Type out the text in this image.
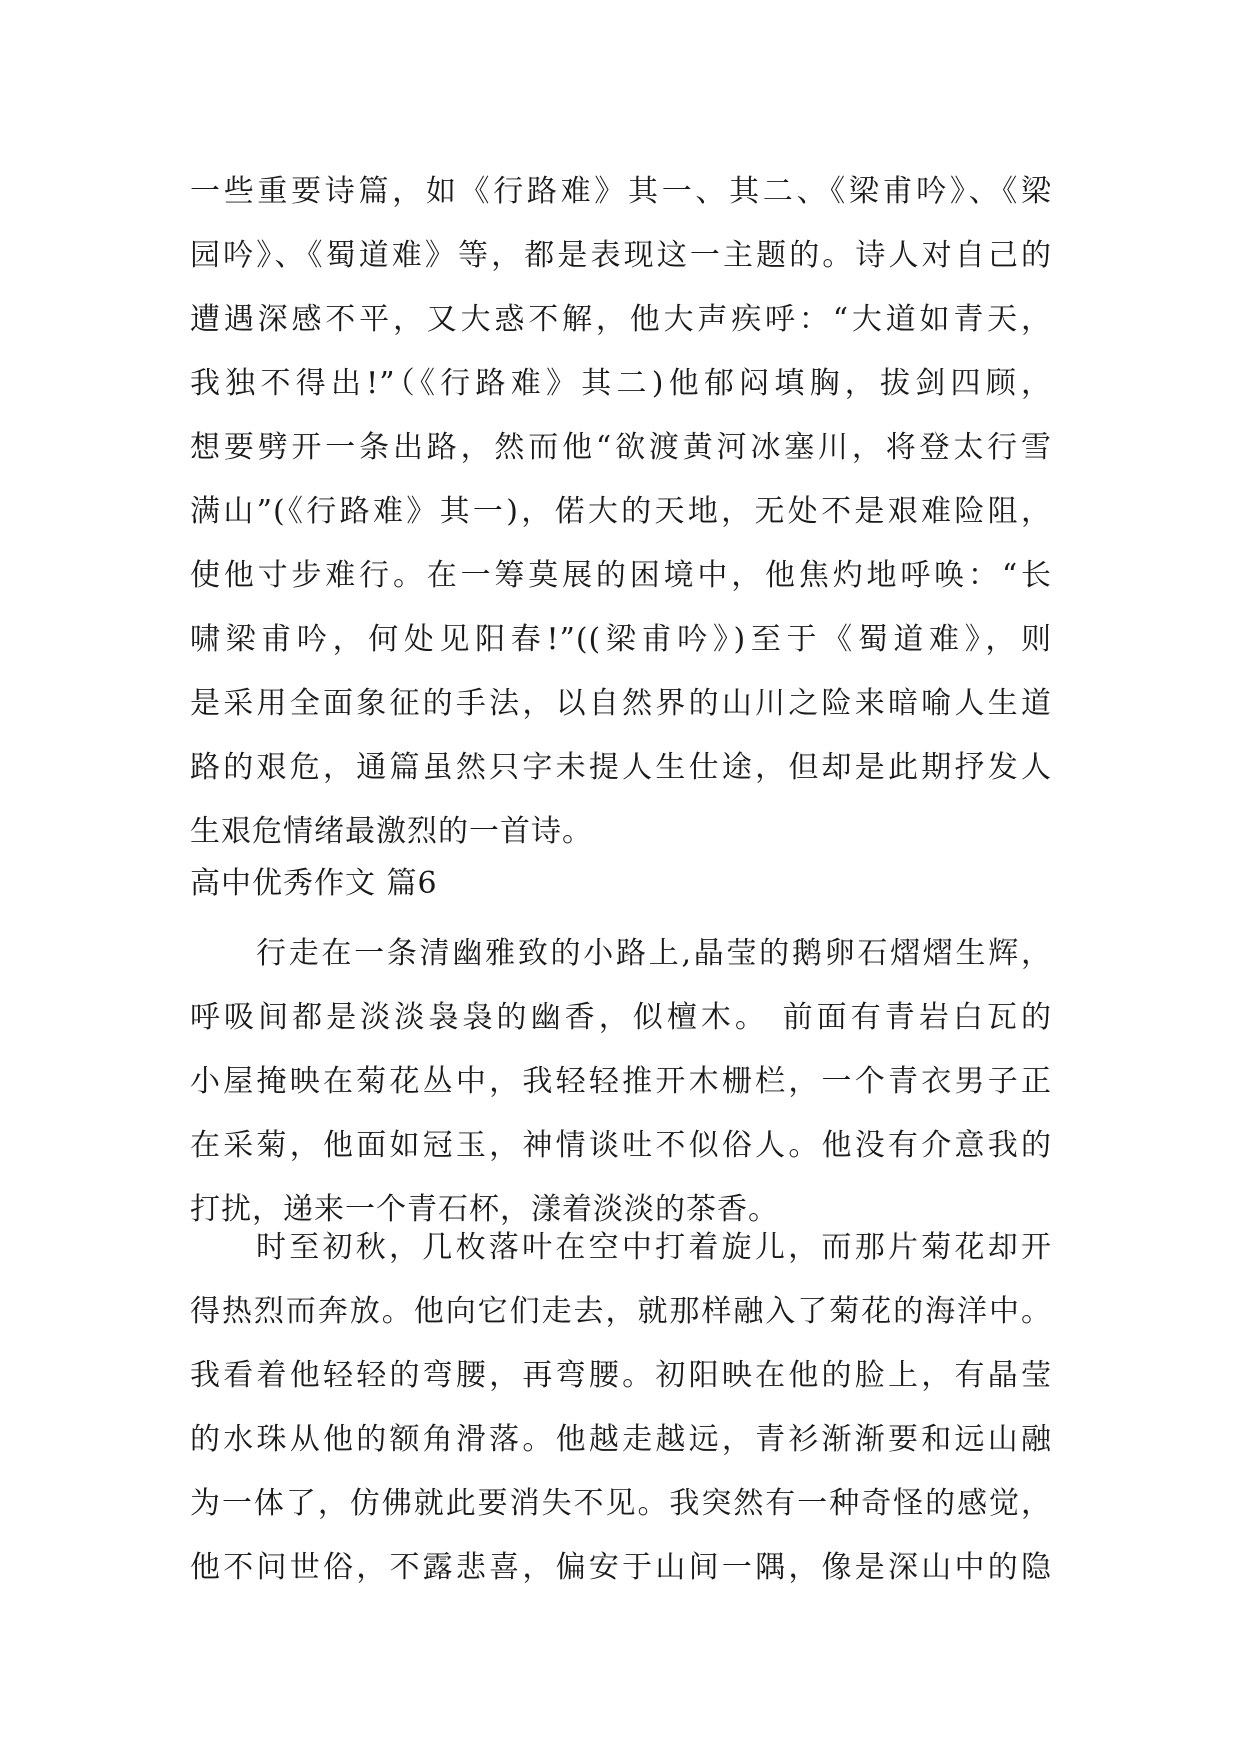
一些重要诗篇，如《行路难》其一、其二、《梁甫吟》、《梁
园吟》、《蜀道难》等，都是表现这一主题的。诗人对自己的
遭遇深感不平，又大惑不解，他大声疾呼：“大道如青天，
我独不得出!”（《行路难》其二)他郁闷填胸，拔剑四顾，
想要劈开一条出路，然而他“欲渡黄河冰塞川，将登太行雪
满山”(《行路难》其一)，偌大的天地，无处不是艰难险阻，
使他寸步难行。在一筹莫展的困境中，他焦灼地呼唤：“长
啸梁甫吟，何处见阳春!”((梁甫吟》)至于《蜀道难》，则
是采用全面象征的手法，以自然界的山川之险来暗喻人生道
路的艰危，通篇虽然只字未提人生仕途，但却是此期抒发人
生艰危情绪最激烈的一首诗。
高中优秀作文 篇6
行走在一条清幽雅致的小路上,晶莹的鹅卵石熠熠生辉，
呼吸间都是淡淡袅袅的幽香，似檀木。 前面有青岩白瓦的
小屋掩映在菊花丛中，我轻轻推开木栅栏，一个青衣男子正
在采菊，他面如冠玉，神情谈吐不似俗人。他没有介意我的
打扰，递来一个青石杯，漾着淡淡的茶香。
时至初秋，几枚落叶在空中打着旋儿，而那片菊花却开
得热烈而奔放。他向它们走去，就那样融入了菊花的海洋中。
我看着他轻轻的弯腰，再弯腰。初阳映在他的脸上，有晶莹
的水珠从他的额角滑落。他越走越远，青衫渐渐要和远山融
为一体了，仿佛就此要消失不见。我突然有一种奇怪的感觉，
他不问世俗，不露悲喜，偏安于山间一隅，像是深山中的隐
